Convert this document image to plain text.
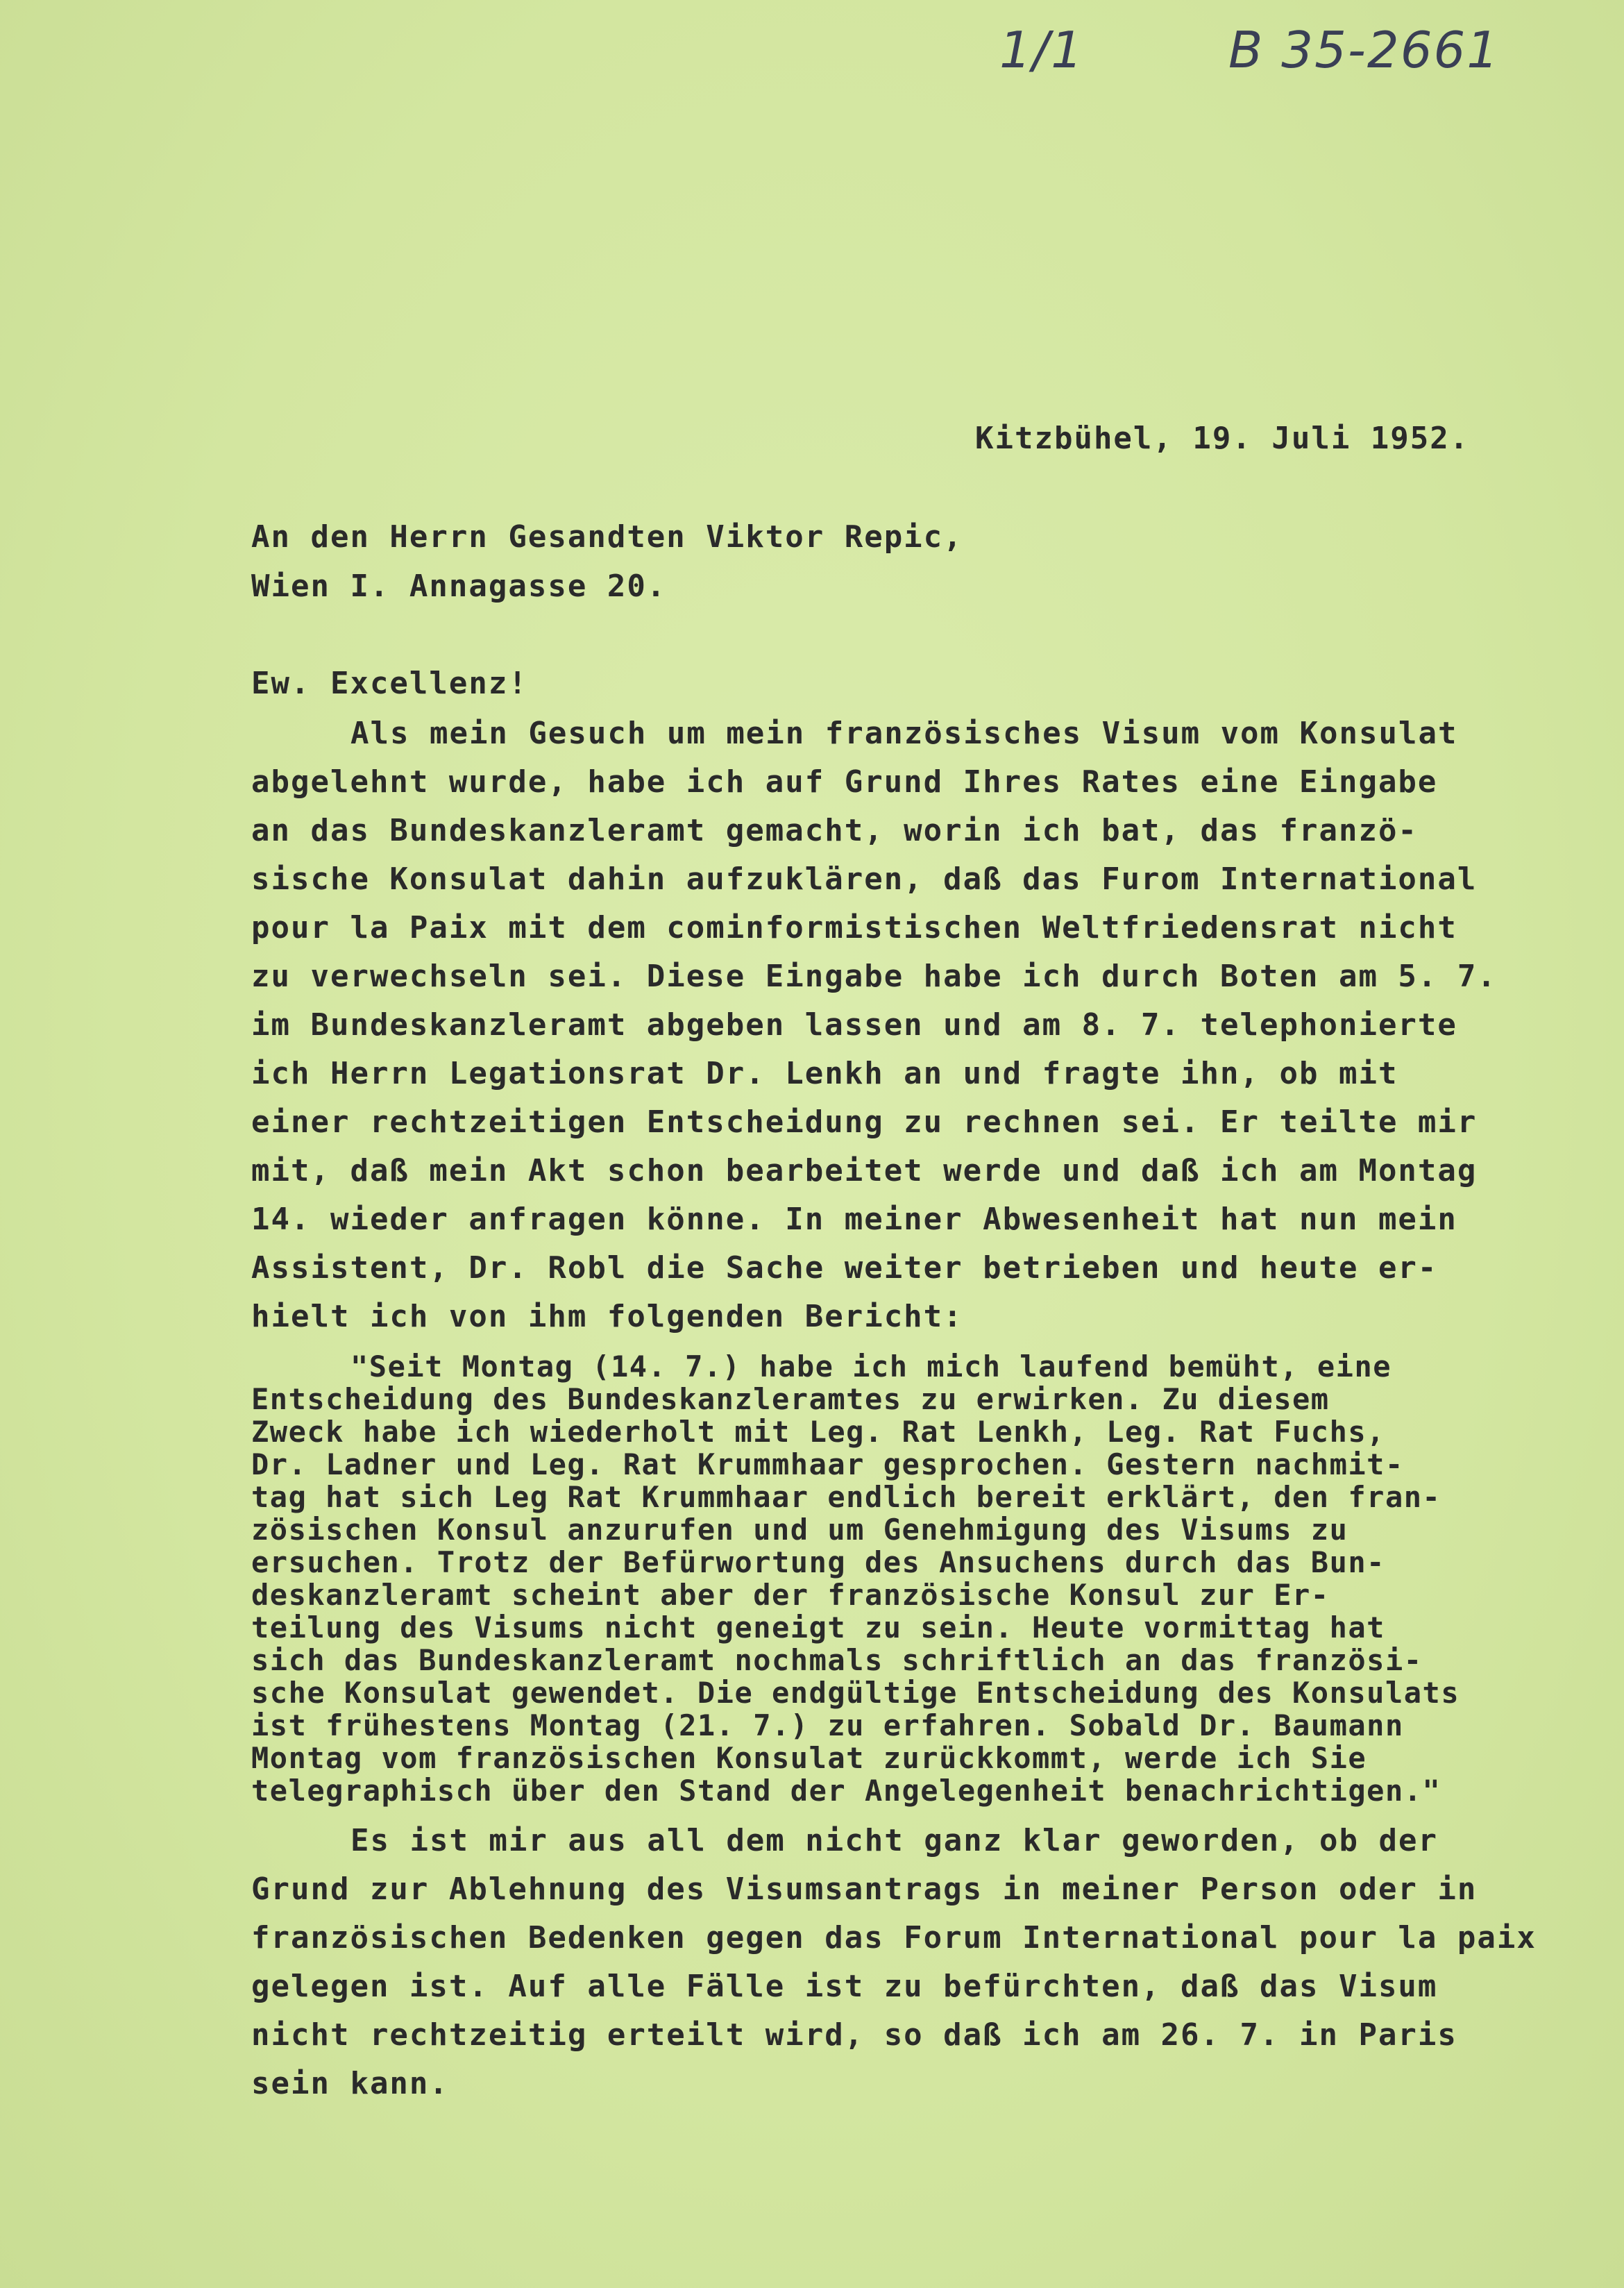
1/1	B 35-2661
Kitzbühel, 19. Juli 1952.
An den Herrn Gesandten Viktor Repic,
Wien I. Annagasse 20.
Ew. Excellenz!
Als mein Gesuch um mein französisches Visum vom Konsulat
abgelehnt wurde, habe ich auf Grund Ihres Rates eine Eingabe
an das Bundeskanzleramt gemacht, worin ich bat, das franzö-
sische Konsulat dahin aufzuklären, daß das Furom International
pour la Paix mit dem cominformistischen Weltfriedensrat nicht
zu verwechseln sei. Diese Eingabe habe ich durch Boten am 5. 7.
im Bundeskanzleramt abgeben lassen und am 8. 7. telephonierte
ich Herrn Legationsrat Dr. Lenkh an und fragte ihn, ob mit
einer rechtzeitigen Entscheidung zu rechnen sei. Er teilte mir
mit, daß mein Akt schon bearbeitet werde und daß ich am Montag
14. wieder anfragen könne. In meiner Abwesenheit hat nun mein
Assistent, Dr. Robl die Sache weiter betrieben und heute er-
hielt ich von ihm folgenden Bericht:
"Seit Montag (14. 7.) habe ich mich laufend bemüht, eine
Entscheidung des Bundeskanzleramtes zu erwirken. Zu diesem
Zweck habe ich wiederholt mit Leg. Rat Lenkh, Leg. Rat Fuchs,
Dr. Ladner und Leg. Rat Krummhaar gesprochen. Gestern nachmit-
tag hat sich Leg Rat Krummhaar endlich bereit erklärt, den fran-
zösischen Konsul anzurufen und um Genehmigung des Visums zu
ersuchen. Trotz der Befürwortung des Ansuchens durch das Bun-
deskanzleramt scheint aber der französische Konsul zur Er-
teilung des Visums nicht geneigt zu sein. Heute vormittag hat
sich das Bundeskanzleramt nochmals schriftlich an das französi-
sche Konsulat gewendet. Die endgültige Entscheidung des Konsulats
ist frühestens Montag (21. 7.) zu erfahren. Sobald Dr. Baumann
Montag vom französischen Konsulat zurückkommt, werde ich Sie
telegraphisch über den Stand der Angelegenheit benachrichtigen."
Es ist mir aus all dem nicht ganz klar geworden, ob der
Grund zur Ablehnung des Visumsantrags in meiner Person oder in
französischen Bedenken gegen das Forum International pour la paix
gelegen ist. Auf alle Fälle ist zu befürchten, daß das Visum
nicht rechtzeitig erteilt wird, so daß ich am 26. 7. in Paris
sein kann.
